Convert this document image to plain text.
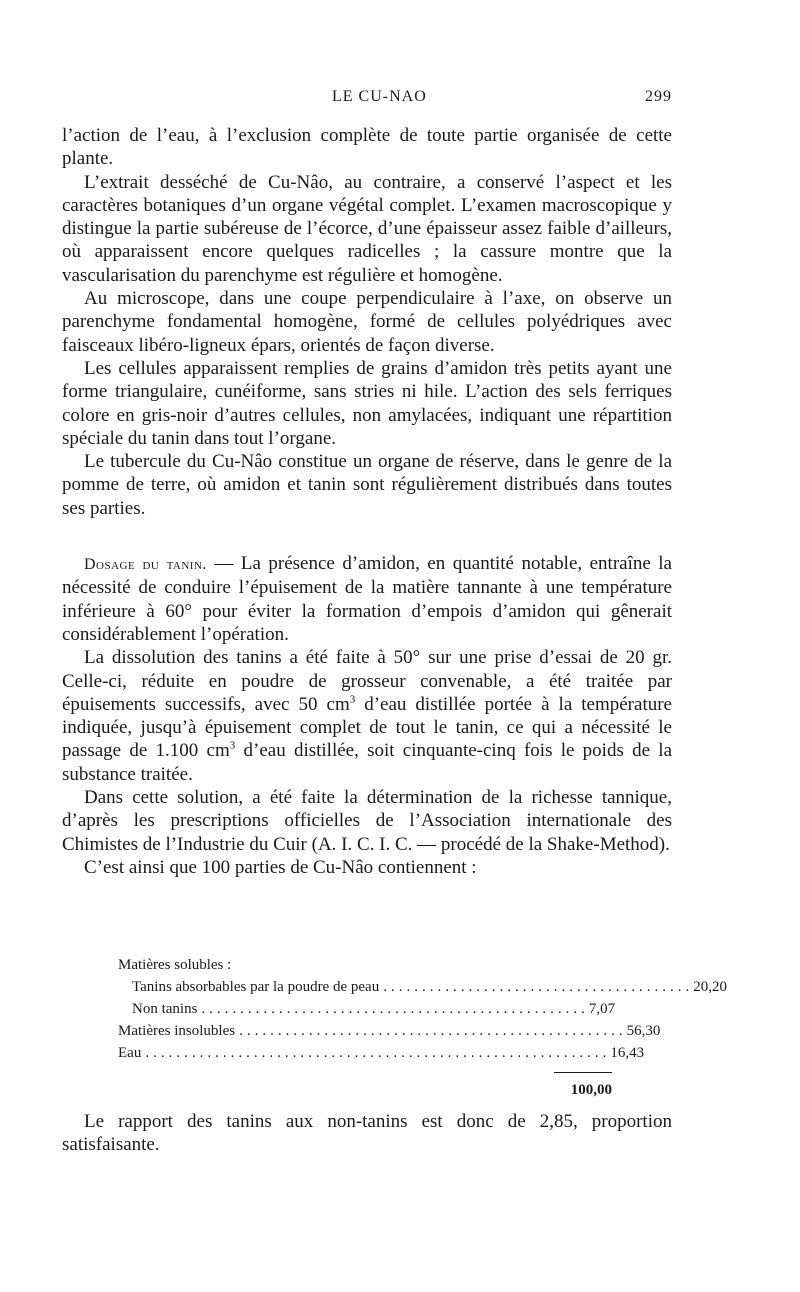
LE CU-NAO	299

l’action de l’eau, à l’exclusion complète de toute partie organisée de cette plante.

L’extrait desséché de Cu-Nâo, au contraire, a conservé l’aspect et les caractères botaniques d’un organe végétal complet. L’examen macroscopique y distingue la partie subéreuse de l’écorce, d’une épaisseur assez faible d’ailleurs, où apparaissent encore quelques radicelles ; la cassure montre que la vascularisation du parenchyme est régulière et homogène.

Au microscope, dans une coupe perpendiculaire à l’axe, on observe un parenchyme fondamental homogène, formé de cellules polyédriques avec faisceaux libéro-ligneux épars, orientés de façon diverse.

Les cellules apparaissent remplies de grains d’amidon très petits ayant une forme triangulaire, cunéiforme, sans stries ni hile. L’action des sels ferriques colore en gris-noir d’autres cellules, non amylacées, indiquant une répartition spéciale du tanin dans tout l’organe.

Le tubercule du Cu-Nâo constitue un organe de réserve, dans le genre de la pomme de terre, où amidon et tanin sont régulièrement distribués dans toutes ses parties.

Dosage du tanin. — La présence d’amidon, en quantité notable, entraîne la nécessité de conduire l’épuisement de la matière tannante à une température inférieure à 60° pour éviter la formation d’empois d’amidon qui gênerait considérablement l’opération.

La dissolution des tanins a été faite à 50° sur une prise d’essai de 20 gr. Celle-ci, réduite en poudre de grosseur convenable, a été traitée par épuisements successifs, avec 50 $cm^3$ d’eau distillée portée à la température indiquée, jusqu’à épuisement complet de tout le tanin, ce qui a nécessité le passage de 1.100 $cm^3$ d’eau distillée, soit cinquante-cinq fois le poids de la substance traitée.

Dans cette solution, a été faite la détermination de la richesse tannique, d’après les prescriptions officielles de l’Association internationale des Chimistes de l’Industrie du Cuir (A. I. C. I. C. — procédé de la Shake-Method).

C’est ainsi que 100 parties de Cu-Nâo contiennent :

Matières solubles :
Tanins absorbables par la poudre de peau ........................................ 20,20
Non tanins .................................................. 7,07
Matières insolubles .................................................. 56,30
Eau ............................................................ 16,43
100,00

Le rapport des tanins aux non-tanins est donc de 2,85, proportion satisfaisante.
